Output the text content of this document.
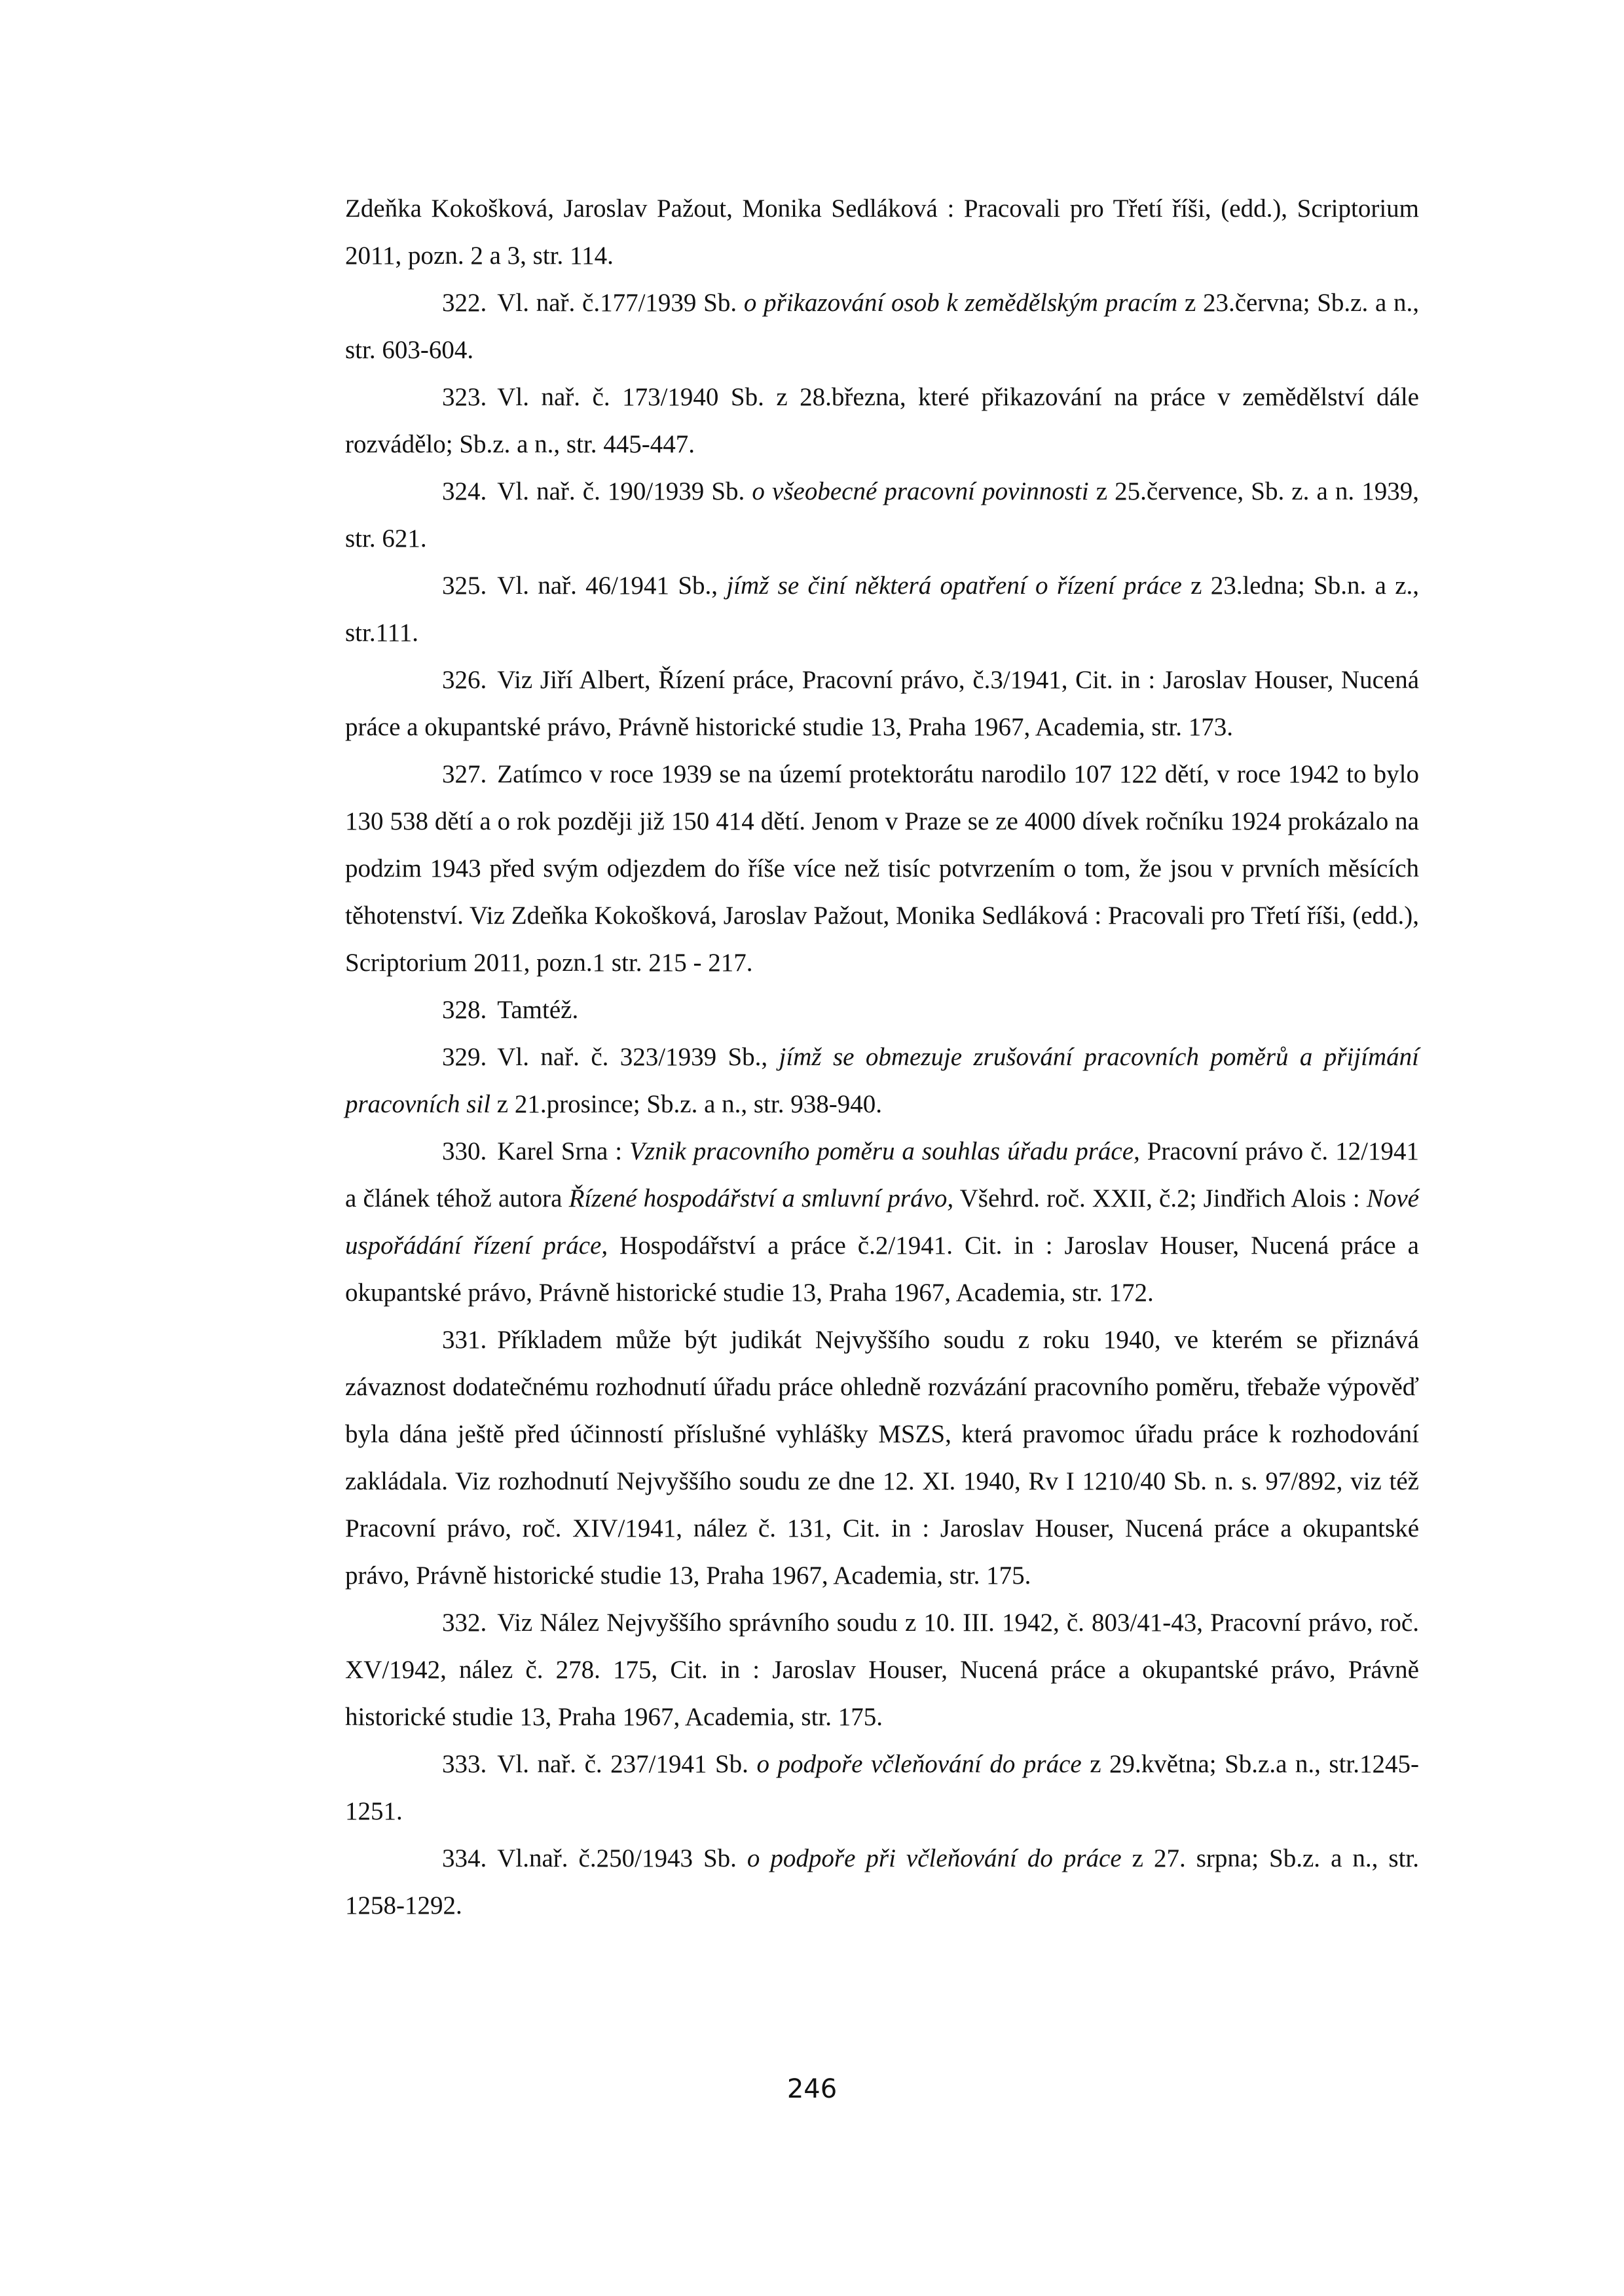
Zdeňka Kokošková, Jaroslav Pažout, Monika Sedláková : Pracovali pro Třetí říši, (edd.), Scriptorium 2011, pozn. 2 a 3, str. 114.

322. Vl. nař. č.177/1939 Sb. o přikazování osob k zemědělským pracím z 23.června; Sb.z. a n., str. 603-604.

323. Vl. nař. č. 173/1940 Sb. z 28.března, které přikazování na práce v zemědělství dále rozvádělo; Sb.z. a n., str. 445-447.

324. Vl. nař. č. 190/1939 Sb. o všeobecné pracovní povinnosti z 25.července, Sb. z. a n. 1939, str. 621.

325. Vl. nař. 46/1941 Sb., jímž se činí některá opatření o řízení práce z 23.ledna; Sb.n. a z., str.111.

326. Viz Jiří Albert, Řízení práce, Pracovní právo, č.3/1941, Cit. in : Jaroslav Houser, Nucená práce a okupantské právo, Právně historické studie 13, Praha 1967, Academia, str. 173.

327. Zatímco v roce 1939 se na území protektorátu narodilo 107 122 dětí, v roce 1942 to bylo 130 538 dětí a o rok později již 150 414 dětí. Jenom v Praze se ze 4000 dívek ročníku 1924 prokázalo na podzim 1943 před svým odjezdem do říše více než tisíc potvrzením o tom, že jsou v prvních měsících těhotenství. Viz Zdeňka Kokošková, Jaroslav Pažout, Monika Sedláková : Pracovali pro Třetí říši, (edd.), Scriptorium 2011, pozn.1 str. 215 - 217.

328. Tamtéž.

329. Vl. nař. č. 323/1939 Sb., jímž se obmezuje zrušování pracovních poměrů a přijímání pracovních sil z 21.prosince; Sb.z. a n., str. 938-940.

330. Karel Srna : Vznik pracovního poměru a souhlas úřadu práce, Pracovní právo č. 12/1941 a článek téhož autora Řízené hospodářství a smluvní právo, Všehrd. roč. XXII, č.2; Jindřich Alois : Nové uspořádání řízení práce, Hospodářství a práce č.2/1941. Cit. in : Jaroslav Houser, Nucená práce a okupantské právo, Právně historické studie 13, Praha 1967, Academia, str. 172.

331. Příkladem může být judikát Nejvyššího soudu z roku 1940, ve kterém se přiznává závaznost dodatečnému rozhodnutí úřadu práce ohledně rozvázání pracovního poměru, třebaže výpověď byla dána ještě před účinností příslušné vyhlášky MSZS, která pravomoc úřadu práce k rozhodování zakládala. Viz rozhodnutí Nejvyššího soudu ze dne 12. XI. 1940, Rv I 1210/40 Sb. n. s. 97/892, viz též Pracovní právo, roč. XIV/1941, nález č. 131, Cit. in : Jaroslav Houser, Nucená práce a okupantské právo, Právně historické studie 13, Praha 1967, Academia, str. 175.

332. Viz Nález Nejvyššího správního soudu z 10. III. 1942, č. 803/41-43, Pracovní právo, roč. XV/1942, nález č. 278. 175, Cit. in : Jaroslav Houser, Nucená práce a okupantské právo, Právně historické studie 13, Praha 1967, Academia, str. 175.

333. Vl. nař. č. 237/1941 Sb. o podpoře včleňování do práce z 29.května; Sb.z.a n., str.1245-1251.

334. Vl.nař. č.250/1943 Sb. o podpoře při včleňování do práce z 27. srpna; Sb.z. a n., str. 1258-1292.

246
